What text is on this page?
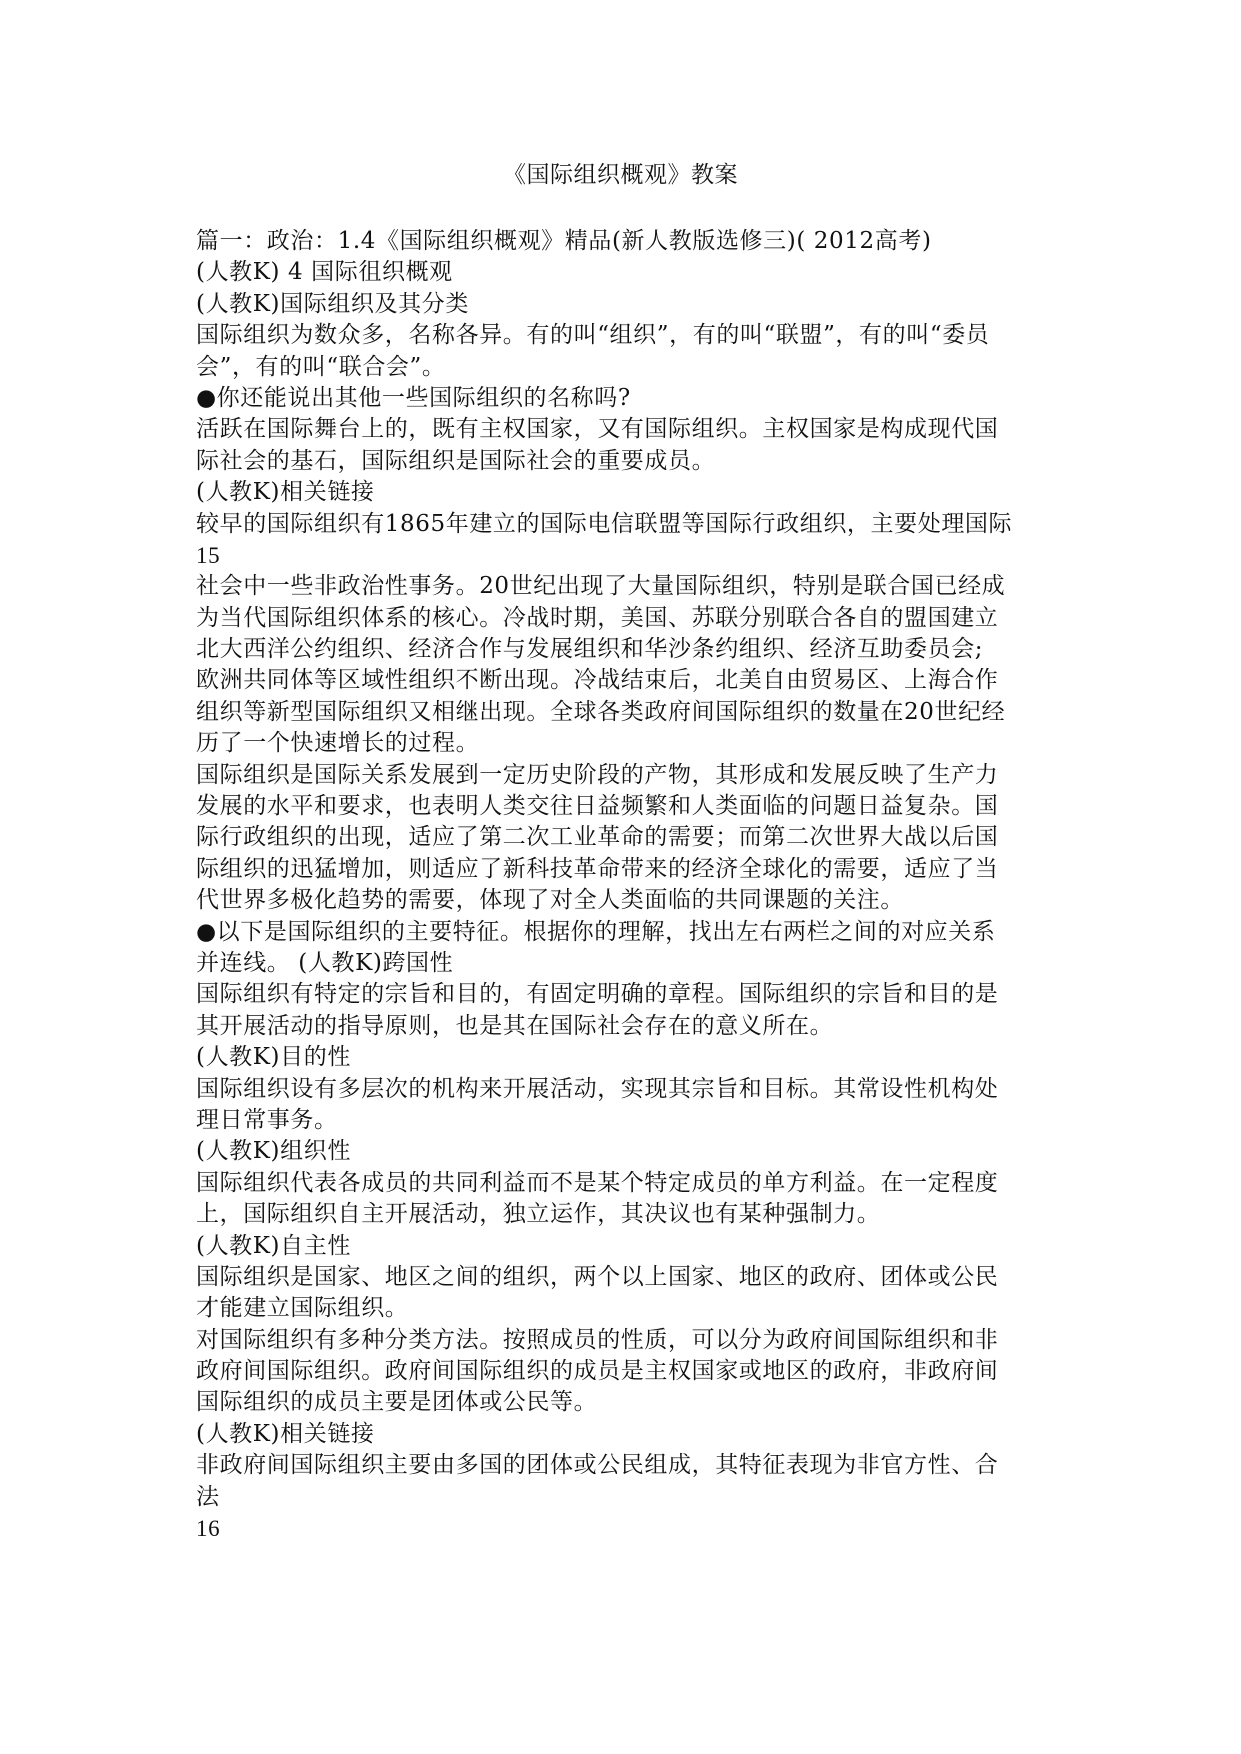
《国际组织概观》教案
篇一：政治：1.4《国际组织概观》精品(新人教版选修三)( 2012高考)
(人教K) 4 国际徂织概观
(人教K)国际组织及其分类
国际组织为数众多，名称各异。有的叫“组织”，有的叫“联盟”，有的叫“委员
会”，有的叫“联合会”。
●你还能说出其他一些国际组织的名称吗?
活跃在国际舞台上的，既有主权国家，又有国际组织。主权国家是构成现代国
际社会的基石，国际组织是国际社会的重要成员。
(人教K)相关链接
较早的国际组织有1865年建立的国际电信联盟等国际行政组织，主要处理国际
15
社会中一些非政治性事务。20世纪出现了大量国际组织，特别是联合国已经成
为当代国际组织体系的核心。冷战时期，美国、苏联分别联合各自的盟国建立
北大西洋公约组织、经济合作与发展组织和华沙条约组织、经济互助委员会;
欧洲共同体等区域性组织不断出现。冷战结束后，北美自由贸易区、上海合作
组织等新型国际组织又相继出现。全球各类政府间国际组织的数量在20世纪经
历了一个快速增长的过程。
国际组织是国际关系发展到一定历史阶段的产物，其形成和发展反映了生产力
发展的水平和要求，也表明人类交往日益频繁和人类面临的问题日益复杂。国
际行政组织的出现，适应了第二次工业革命的需要；而第二次世界大战以后国
际组织的迅猛增加，则适应了新科技革命带来的经济全球化的需要，适应了当
代世界多极化趋势的需要，体现了对全人类面临的共同课题的关注。
●以下是国际组织的主要特征。根据你的理解，找出左右两栏之间的对应关系
并连线。 (人教K)跨国性
国际组织有特定的宗旨和目的，有固定明确的章程。国际组织的宗旨和目的是
其开展活动的指导原则，也是其在国际社会存在的意义所在。
(人教K)目的性
国际组织设有多层次的机构来开展活动，实现其宗旨和目标。其常设性机构处
理日常事务。
(人教K)组织性
国际组织代表各成员的共同利益而不是某个特定成员的单方利益。在一定程度
上，国际组织自主开展活动，独立运作，其决议也有某种强制力。
(人教K)自主性
国际组织是国家、地区之间的组织，两个以上国家、地区的政府、团体或公民
才能建立国际组织。
对国际组织有多种分类方法。按照成员的性质，可以分为政府间国际组织和非
政府间国际组织。政府间国际组织的成员是主权国家或地区的政府，非政府间
国际组织的成员主要是团体或公民等。
(人教K)相关链接
非政府间国际组织主要由多国的团体或公民组成，其特征表现为非官方性、合
法
16
